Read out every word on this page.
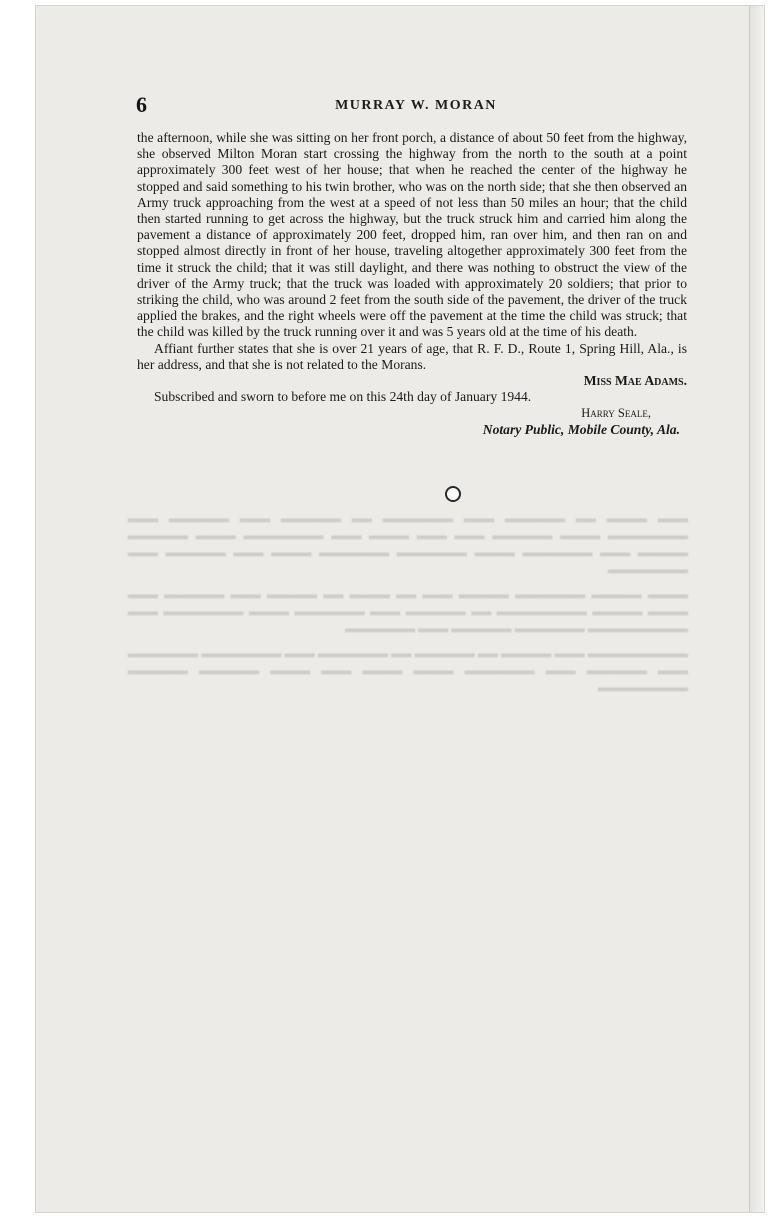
▂▂▂ ▂▂▂▂ ▂▂ ▂▂▂▂▂▂ ▂▂▂ ▂▂▂▂▂▂▂ ▂▂ ▂▂▂▂▂▂ ▂▂▂ ▂▂▂▂▂▂ ▂▂▂ ▂▂▂▂▂▂▂▂ ▂▂▂▂ ▂▂▂▂▂▂ ▂▂▂ ▂▂▂ ▂▂▂▂ ▂▂▂ ▂▂▂▂▂▂▂▂ ▂▂▂▂ ▂▂▂▂▂▂ ▂▂▂▂▂ ▂▂▂ ▂▂▂▂▂▂▂ ▂▂▂▂ ▂▂▂▂▂▂▂ ▂▂▂▂▂▂▂ ▂▂▂▂ ▂▂▂ ▂▂▂▂▂▂ ▂▂▂ ▂▂▂▂▂▂▂▂

▂▂▂▂ ▂▂▂▂▂ ▂▂▂▂▂▂▂ ▂▂▂▂▂ ▂▂▂ ▂▂ ▂▂▂▂ ▂▂ ▂▂▂▂▂ ▂▂▂ ▂▂▂▂▂▂ ▂▂▂ ▂▂▂▂ ▂▂▂▂▂ ▂▂▂▂▂▂▂▂▂ ▂▂ ▂▂▂▂▂▂ ▂▂▂ ▂▂▂▂▂▂▂ ▂▂▂▂ ▂▂▂▂▂▂▂▂ ▂▂▂ ▂▂▂▂▂▂▂▂▂▂ ▂▂▂▂▂▂▂ ▂▂▂▂▂▂ ▂▂▂ ▂▂▂▂▂▂▂

▂▂▂▂▂▂▂▂▂▂ ▂▂▂ ▂▂▂▂▂ ▂▂ ▂▂▂▂▂▂ ▂▂ ▂▂▂▂▂▂▂ ▂▂▂ ▂▂▂▂▂▂▂▂ ▂▂▂▂▂▂▂ ▂▂▂ ▂▂▂▂▂▂ ▂▂▂ ▂▂▂▂▂▂▂ ▂▂▂▂ ▂▂▂▂ ▂▂▂ ▂▂▂▂ ▂▂▂▂▂▂ ▂▂▂▂▂▂ ▂▂▂▂▂▂▂▂▂

6	MURRAY W. MORAN

the afternoon, while she was sitting on her front porch, a distance of about 50 feet from the highway, she observed Milton Moran start crossing the highway from the north to the south at a point approximately 300 feet west of her house; that when he reached the center of the highway he stopped and said something to his twin brother, who was on the north side; that she then observed an Army truck approaching from the west at a speed of not less than 50 miles an hour; that the child then started running to get across the highway, but the truck struck him and carried him along the pavement a distance of approximately 200 feet, dropped him, ran over him, and then ran on and stopped almost directly in front of her house, traveling altogether approximately 300 feet from the time it struck the child; that it was still daylight, and there was nothing to obstruct the view of the driver of the Army truck; that the truck was loaded with approximately 20 soldiers; that prior to striking the child, who was around 2 feet from the south side of the pavement, the driver of the truck applied the brakes, and the right wheels were off the pavement at the time the child was struck; that the child was killed by the truck running over it and was 5 years old at the time of his death.

Affiant further states that she is over 21 years of age, that R. F. D., Route 1, Spring Hill, Ala., is her address, and that she is not related to the Morans.

Miss Mae Adams.

Subscribed and sworn to before me on this 24th day of January 1944.

Harry Seale,

Notary Public, Mobile County, Ala.
